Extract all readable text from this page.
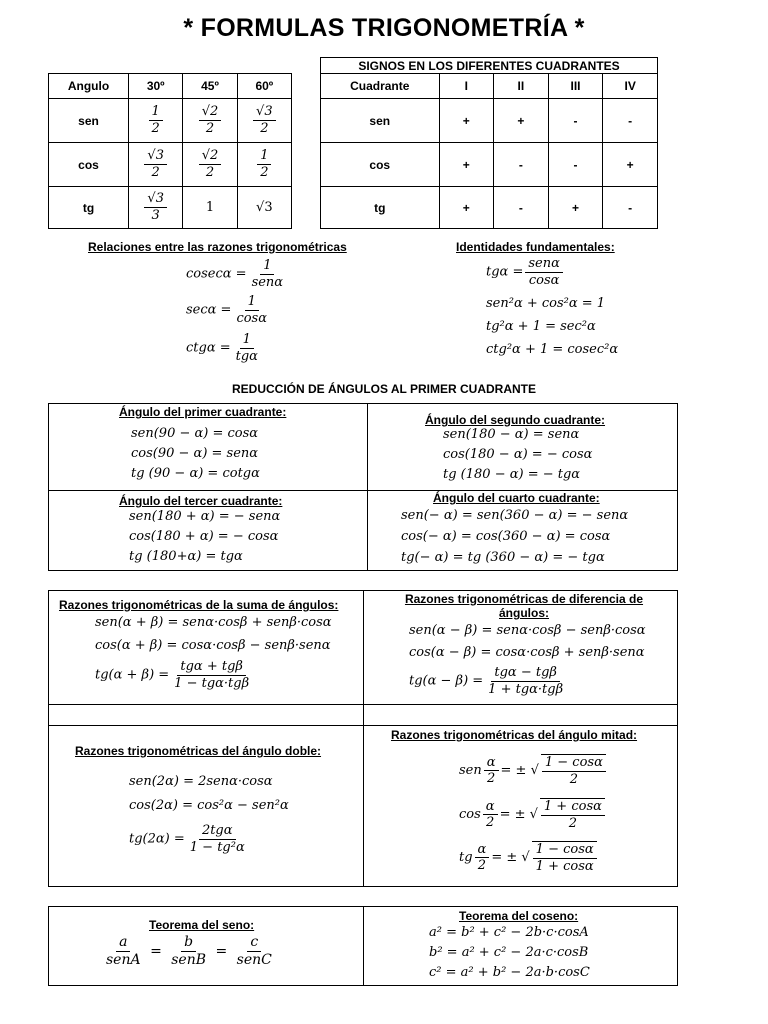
* FORMULAS TRIGONOMETRÍA *
Angulo	30º	45º	60º
sen	$\frac{1}{2}$	$\frac{√2}{2}$	$\frac{√3}{2}$

cos	$\frac{√3}{2}$	$\frac{√2}{2}$	$\frac{1}{2}$

tg	$\frac{√3}{3}$	1	√3
SIGNOS EN LOS DIFERENTES CUADRANTES
Cuadrante	I	II	III	IV
sen	+	+	-	-
cos	+	-	-	+
tg	+	-	+	-
Relaciones entre las razones trigonométricas
$cosec\alpha = \frac{1}{\text{senα}}$
$\sec\alpha = \frac{1}{\cos\alpha}$
$ctg\alpha = \frac{1}{\text{tgα}}$
Identidades fundamentales:
$tg\alpha = \frac{\text{senα}}{\cos\alpha}$
sen²α + cos²α = 1
tg²α + 1 = sec²α
ctg²α + 1 = cosec²α
REDUCCIÓN DE ÁNGULOS AL PRIMER CUADRANTE
Ángulo del primer cuadrante:
sen(90 − α) = cosα
cos(90 − α) = senα
tg (90 − α) = cotgα
Ángulo del segundo cuadrante:
sen(180 − α) = senα
cos(180 − α) = − cosα
tg (180 − α) = − tgα
Ángulo del tercer cuadrante:
sen(180 + α) = − senα
cos(180 + α) = − cosα
tg (180+α) = tgα
Ángulo del cuarto cuadrante:
sen(− α) = sen(360 − α) = − senα
cos(− α) = cos(360 − α) = cosα
tg(− α) = tg (360 − α) = − tgα
Razones trigonométricas de la suma de ángulos:
sen(α + β) = senα·cosβ + senβ·cosα
cos(α + β) = cosα·cosβ − senβ·senα
$tg(\alpha + \beta) = \frac{\text{tgα + tgβ}}{\text{1 − tgα·tgβ}}$
Razones trigonométricas de diferencia de ángulos:
sen(α − β) = senα·cosβ − senβ·cosα
cos(α − β) = cosα·cosβ + senβ·senα
$tg(\alpha - \beta) = \frac{\text{tgα − tgβ}}{\text{1 + tgα·tgβ}}$
Razones trigonométricas del ángulo doble:
sen(2α) = 2senα·cosα
cos(2α) = cos²α − sen²α
$tg(2\alpha) = \frac{\text{2tgα}}{\text{1 − tg²α}}$
Razones trigonométricas del ángulo mitad:
sen $\frac{\alpha}{2}$ = ± √ $\frac{1 - \cos\alpha}{2}$
$\cos \frac{\alpha}{2}$ = ± √ $\frac{1 + \cos\alpha}{2}$
tg $\frac{\alpha}{2}$ = ± √ $\frac{1 - \cos\alpha}{1 + \cos\alpha}$
Teorema del seno:
$\frac{a}{\text{senA}} = \frac{b}{\text{senB}} = \frac{c}{\text{senC}}$
Teorema del coseno:
a² = b² + c² − 2b·c·cosA
b² = a² + c² − 2a·c·cosB
c² = a² + b² − 2a·b·cosC
